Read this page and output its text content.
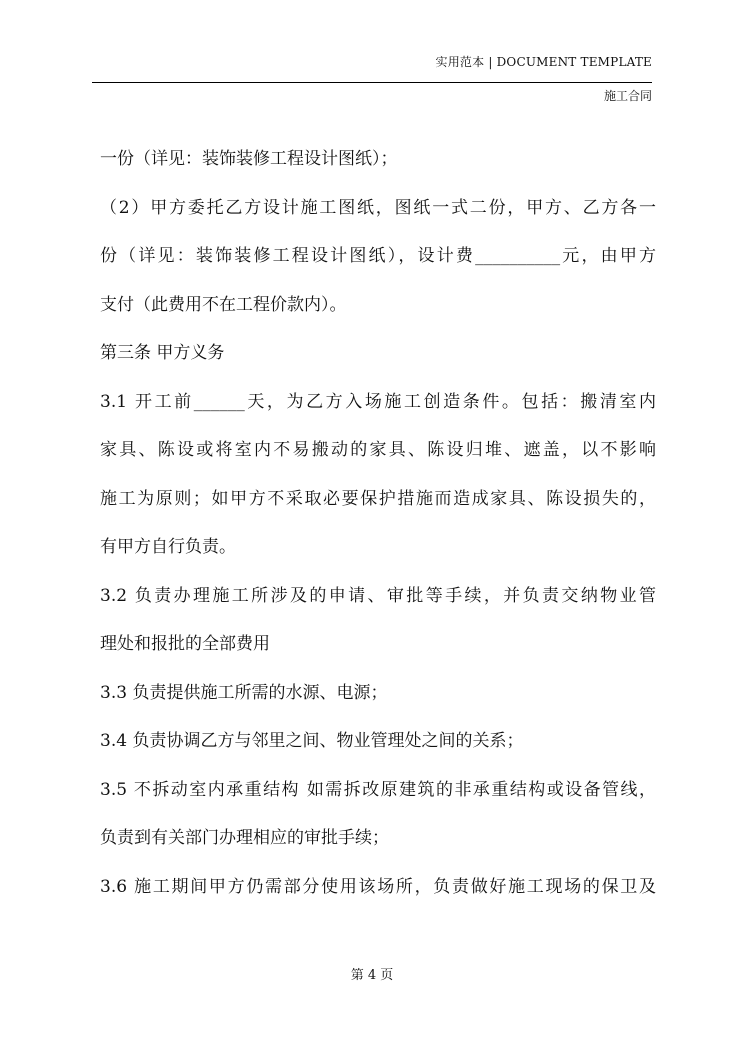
实用范本 | DOCUMENT TEMPLATE
施工合同
一份（详见：装饰装修工程设计图纸）；
（2）甲方委托乙方设计施工图纸，图纸一式二份，甲方、乙方各一
份（详见：装饰装修工程设计图纸），设计费__________元，由甲方
支付（此费用不在工程价款内）。
第三条 甲方义务
3.1 开工前______天，为乙方入场施工创造条件。包括：搬清室内
家具、陈设或将室内不易搬动的家具、陈设归堆、遮盖，以不影响
施工为原则；如甲方不采取必要保护措施而造成家具、陈设损失的，
有甲方自行负责。
3.2 负责办理施工所涉及的申请、审批等手续，并负责交纳物业管
理处和报批的全部费用
3.3 负责提供施工所需的水源、电源；
3.4 负责协调乙方与邻里之间、物业管理处之间的关系；
3.5 不拆动室内承重结构 如需拆改原建筑的非承重结构或设备管线，
负责到有关部门办理相应的审批手续；
3.6 施工期间甲方仍需部分使用该场所，负责做好施工现场的保卫及
第 4 页
